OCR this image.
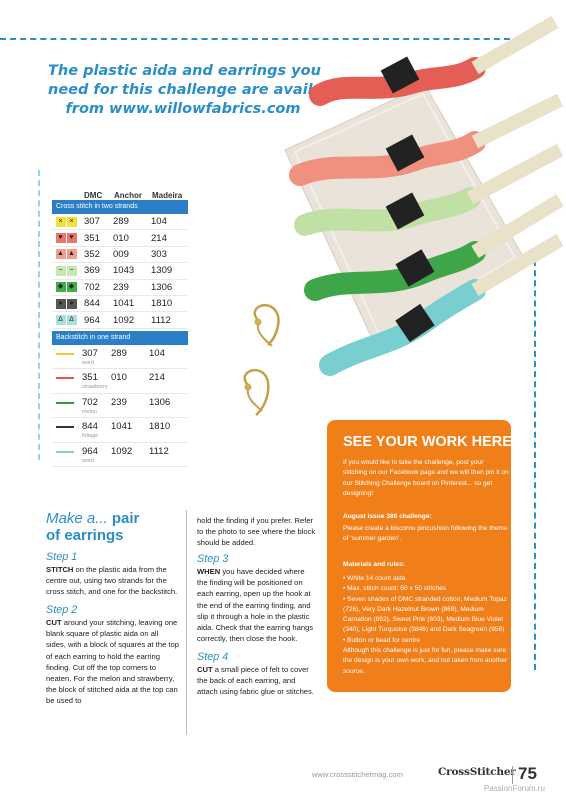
The plastic aida and earrings you
need for this challenge are available
from www.willowfabrics.com
DMC Anchor Madeira
Cross stitch in two strands
× ×	307	289	104
♥ ♥	351	010	214
▲ ▲ 352	009	303
~ ~	369	1043	1309
◆ ◆ 702	239	1306
● ●	844	1041	1810
∆ ∆	964	1092	1112
Backstitch in one strand
307	289	104
word
351	010	214
strawberry
702	239	1306
melon
844	1041	1810
foliage
964	1092	1112
word
SEE YOUR WORK HERE!
If you would like to take the challenge, post your stitching on our Facebook page and we will then pin it on our Stitching Challenge board on Pinterest... so get designing!
August issue 386 challenge:
Please create a biscornu pincushion following the theme of ‘summer garden’.
Materials and rules:
• White 14 count aida
• Max. stitch count: 50 x 50 stitches
• Seven shades of DMC stranded cotton; Medium Topaz (726), Very Dark Hazelnut Brown (869), Medium Carnation (892), Sweet Pink (603), Medium Blue Violet (340), Light Turquoise (3846) and Dark Seagreen (958)
• Button or bead for centre
Although this challenge is just for fun, please make sure the design is your own work, and not taken from another source.
Make a... pair
of earrings
Step 1

STITCH on the plastic aida from the centre out, using two strands for the cross stitch, and one for the backstitch.

Step 2

CUT around your stitching, leaving one blank square of plastic aida on all sides, with a block of squares at the top of each earring to hold the earring finding. Cut off the top corners to neaten. For the melon and strawberry, the block of stitched aida at the top can be used to

hold the finding if you prefer. Refer to the photo to see where the block should be added.

Step 3

WHEN you have decided where the finding will be positioned on each earring, open up the hook at the end of the earring finding, and slip it through a hole in the plastic aida. Check that the earring hangs correctly, then close the hook.

Step 4

CUT a small piece of felt to cover the back of each earring, and attach using fabric glue or stitches.

www.crossstitchermag.com	CrossStitcher 75
PassionForum.ru
